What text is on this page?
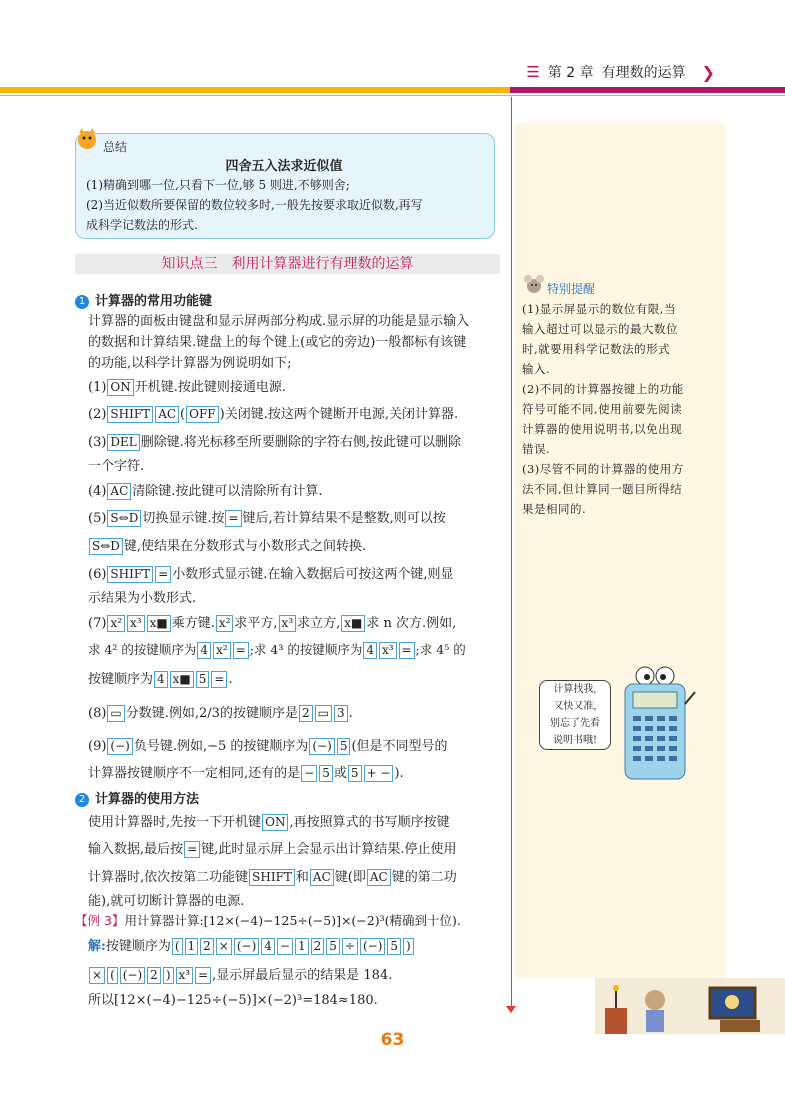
☰ 第 2 章 有理数的运算 ❯
总结
四舍五入法求近似值
(1)精确到哪一位,只看下一位,够 5 则进,不够则舍;
(2)当近似数所要保留的数位较多时,一般先按要求取近似数,再写
成科学记数法的形式.
知识点三　利用计算器进行有理数的运算
1 计算器的常用功能键
计算器的面板由键盘和显示屏两部分构成.显示屏的功能是显示输入
的数据和计算结果.键盘上的每个键上(或它的旁边)一般都标有该键
的功能,以科学计算器为例说明如下;
(1) ON 开机键.按此键则接通电源.
(2) SHIFT AC ( OFF )关闭键.按这两个键断开电源,关闭计算器.
(3) DEL 删除键.将光标移至所要删除的字符右侧,按此键可以删除
一个字符.
(4) AC 清除键.按此键可以清除所有计算.
(5) S⇔D 切换显示键.按 = 键后,若计算结果不是整数,则可以按
S⇔D 键,使结果在分数形式与小数形式之间转换.
(6) SHIFT = 小数形式显示键.在输入数据后可按这两个键,则显
示结果为小数形式.
(7) x² x³ x■ 乘方键. x² 求平方, x³ 求立方, x■ 求 n 次方.例如,
求 4² 的按键顺序为 4 x² = ;求 4³ 的按键顺序为 4 x³ = ;求 4⁵ 的
按键顺序为 4 x■ 5 = .
(8) ▭ 分数键.例如,2/3的按键顺序是 2 ▭ 3 .
(9) (−) 负号键.例如,−5 的按键顺序为 (−) 5 (但是不同型号的
计算器按键顺序不一定相同,还有的是 − 5 或 5 + − ).
2 计算器的使用方法
使用计算器时,先按一下开机键 ON ,再按照算式的书写顺序按键
输入数据,最后按 = 键,此时显示屏上会显示出计算结果.停止使用
计算器时,依次按第二功能键 SHIFT 和 AC 键(即 AC 键的第二功
能),就可切断计算器的电源.
【例 3】用计算器计算:[12×(−4)−125÷(−5)]×(−2)³(精确到十位).
解:按键顺序为 ( 1 2 × (−) 4 − 1 2 5 ÷ (−) 5 )
× ( (−) 2 ) x³ = ,显示屏最后显示的结果是 184.
所以[12×(−4)−125÷(−5)]×(−2)³=184≈180.
特别提醒
(1)显示屏显示的数位有限,当
输入超过可以显示的最大数位
时,就要用科学记数法的形式
输入.
(2)不同的计算器按键上的功能
符号可能不同,使用前要先阅读
计算器的使用说明书,以免出现
错误.
(3)尽管不同的计算器的使用方
法不同,但计算同一题目所得结
果是相同的.
计算找我,
又快又准,
别忘了先看
说明书哦!
63
